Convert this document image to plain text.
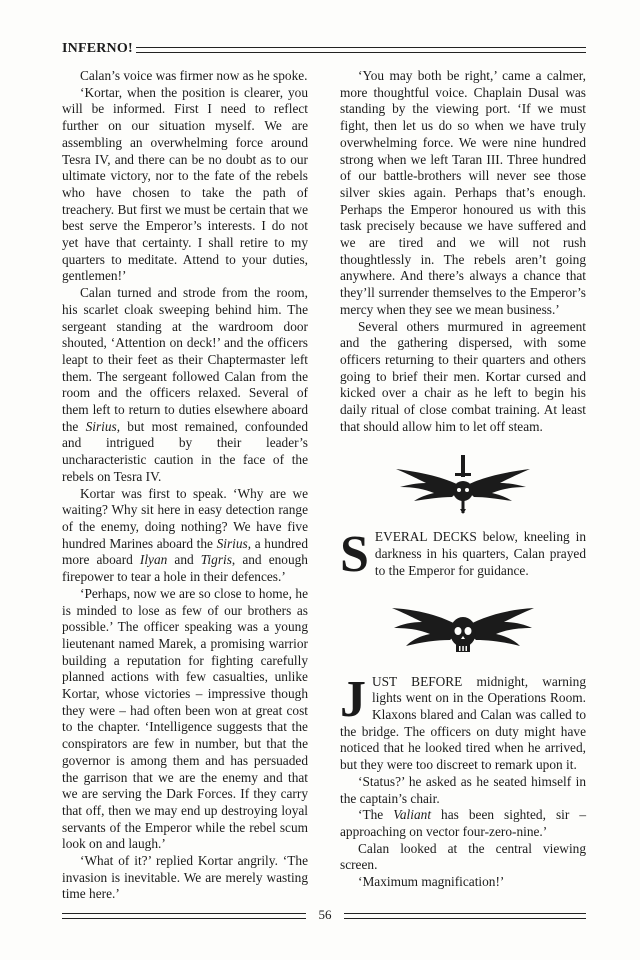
INFERNO!

Calan’s voice was firmer now as he spoke.

‘Kortar, when the position is clearer, you will be informed. First I need to reflect further on our situation myself. We are assembling an overwhelming force around Tesra IV, and there can be no doubt as to our ultimate victory, nor to the fate of the rebels who have chosen to take the path of treachery. But first we must be certain that we best serve the Emperor’s interests. I do not yet have that certainty. I shall retire to my quarters to meditate. Attend to your duties, gentlemen!’

Calan turned and strode from the room, his scarlet cloak sweeping behind him. The sergeant standing at the wardroom door shouted, ‘Attention on deck!’ and the officers leapt to their feet as their Chaptermaster left them. The sergeant followed Calan from the room and the officers relaxed. Several of them left to return to duties elsewhere aboard the Sirius, but most remained, confounded and intrigued by their leader’s uncharacteristic caution in the face of the rebels on Tesra IV.

Kortar was first to speak. ‘Why are we waiting? Why sit here in easy detection range of the enemy, doing nothing? We have five hundred Marines aboard the Sirius, a hundred more aboard Ilyan and Tigris, and enough firepower to tear a hole in their defences.’

‘Perhaps, now we are so close to home, he is minded to lose as few of our brothers as possible.’ The officer speaking was a young lieutenant named Marek, a promising warrior building a reputation for fighting carefully planned actions with few casualties, unlike Kortar, whose victories – impressive though they were – had often been won at great cost to the chapter. ‘Intelligence suggests that the conspirators are few in number, but that the governor is among them and has persuaded the garrison that we are the enemy and that we are serving the Dark Forces. If they carry that off, then we may end up destroying loyal servants of the Emperor while the rebel scum look on and laugh.’

‘What of it?’ replied Kortar angrily. ‘The invasion is inevitable. We are merely wasting time here.’

‘You may both be right,’ came a calmer, more thoughtful voice. Chaplain Dusal was standing by the viewing port. ‘If we must fight, then let us do so when we have truly overwhelming force. We were nine hundred strong when we left Taran III. Three hundred of our battle-brothers will never see those silver skies again. Perhaps that’s enough. Perhaps the Emperor honoured us with this task precisely because we have suffered and we are tired and we will not rush thoughtlessly in. The rebels aren’t going anywhere. And there’s always a chance that they’ll surrender themselves to the Emperor’s mercy when they see we mean business.’

Several others murmured in agreement and the gathering dispersed, with some officers returning to their quarters and others going to brief their men. Kortar cursed and kicked over a chair as he left to begin his daily ritual of close combat training. At least that should allow him to let off steam.

SEVERAL DECKS below, kneeling in darkness in his quarters, Calan prayed to the Emperor for guidance.

JUST BEFORE midnight, warning lights went on in the Operations Room. Klaxons blared and Calan was called to the bridge. The officers on duty might have noticed that he looked tired when he arrived, but they were too discreet to remark upon it.

‘Status?’ he asked as he seated himself in the captain’s chair.

‘The Valiant has been sighted, sir – approaching on vector four-zero-nine.’

Calan looked at the central viewing screen.

‘Maximum magnification!’

56
